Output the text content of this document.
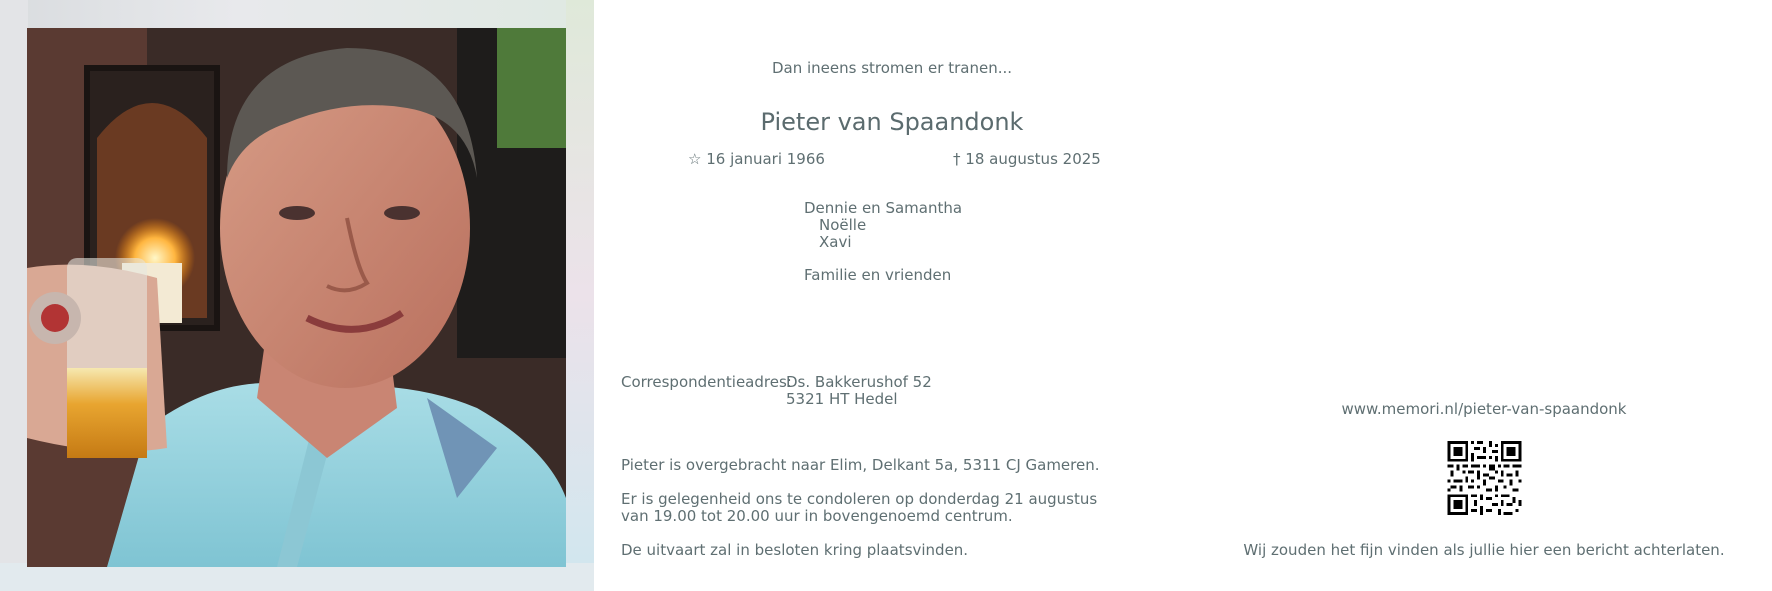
Dan ineens stromen er tranen...
Pieter van Spaandonk
☆ 16 januari 1966	† 18 augustus 2025
Dennie en Samantha
Noëlle
Xavi
Familie en vrienden
Correspondentieadres:
Ds. Bakkerushof 52
5321 HT Hedel
Pieter is overgebracht naar Elim, Delkant 5a, 5311 CJ Gameren.
Er is gelegenheid ons te condoleren op donderdag 21 augustus
van 19.00 tot 20.00 uur in bovengenoemd centrum.
De uitvaart zal in besloten kring plaatsvinden.
www.memori.nl/pieter-van-spaandonk
Wij zouden het fijn vinden als jullie hier een bericht achterlaten.
